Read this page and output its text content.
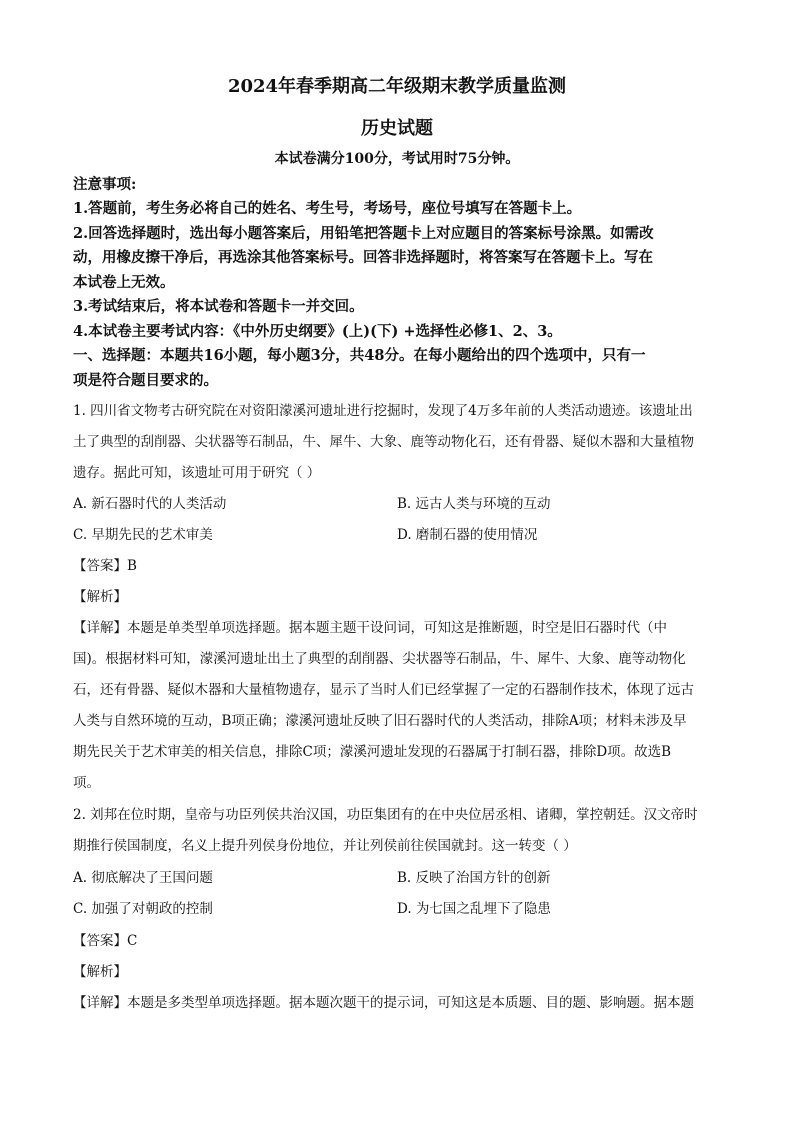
2024年春季期高二年级期末教学质量监测
历史试题
本试卷满分100分，考试用时75分钟。
注意事项:
1.答题前，考生务必将自己的姓名、考生号，考场号，座位号填写在答题卡上。
2.回答选择题时，选出每小题答案后，用铅笔把答题卡上对应题目的答案标号涂黑。如需改
动，用橡皮擦干净后，再选涂其他答案标号。回答非选择题时，将答案写在答题卡上。写在
本试卷上无效。
3.考试结束后，将本试卷和答题卡一并交回。
4.本试卷主要考试内容：《中外历史纲要》(上)(下) +选择性必修1、2、3。
一、选择题：本题共16小题，每小题3分，共48分。在每小题给出的四个选项中，只有一
项是符合题目要求的。
1. 四川省文物考古研究院在对资阳濛溪河遗址进行挖掘时，发现了4万多年前的人类活动遗迹。该遗址出
土了典型的刮削器、尖状器等石制品，牛、犀牛、大象、鹿等动物化石，还有骨器、疑似木器和大量植物
遗存。据此可知，该遗址可用于研究（ ）
A. 新石器时代的人类活动	B. 远古人类与环境的互动
C. 早期先民的艺术审美	D. 磨制石器的使用情况
【答案】B
【解析】
【详解】本题是单类型单项选择题。据本题主题干设问词，可知这是推断题，时空是旧石器时代（中
国)。根据材料可知，濛溪河遗址出土了典型的刮削器、尖状器等石制品，牛、犀牛、大象、鹿等动物化
石，还有骨器、疑似木器和大量植物遗存，显示了当时人们已经掌握了一定的石器制作技术，体现了远古
人类与自然环境的互动，B项正确；濛溪河遗址反映了旧石器时代的人类活动，排除A项；材料未涉及早
期先民关于艺术审美的相关信息，排除C项；濛溪河遗址发现的石器属于打制石器，排除D项。故选B
项。
2. 刘邦在位时期，皇帝与功臣列侯共治汉国，功臣集团有的在中央位居丞相、诸卿，掌控朝廷。汉文帝时
期推行侯国制度，名义上提升列侯身份地位，并让列侯前往侯国就封。这一转变（ ）
A. 彻底解决了王国问题	B. 反映了治国方针的创新
C. 加强了对朝政的控制	D. 为七国之乱埋下了隐患
【答案】C
【解析】
【详解】本题是多类型单项选择题。据本题次题干的提示词，可知这是本质题、目的题、影响题。据本题
